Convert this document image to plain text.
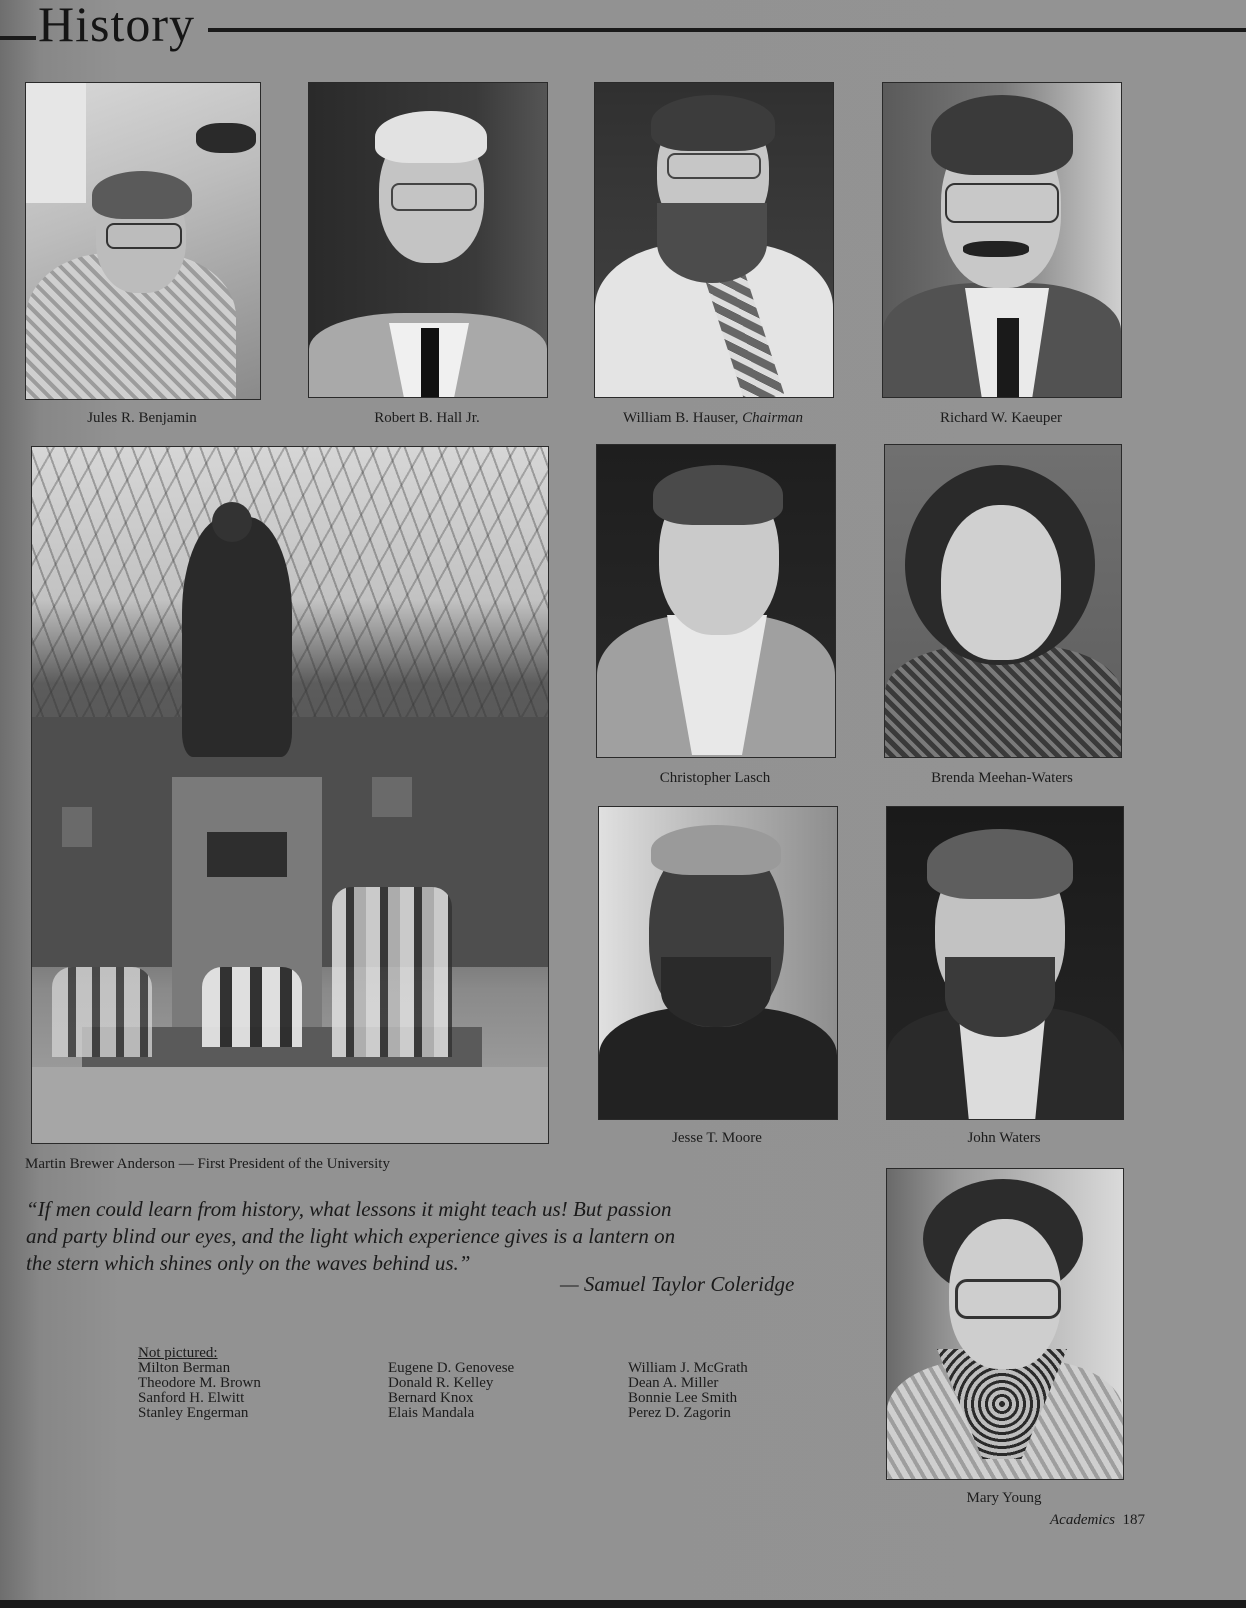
History
Jules R. Benjamin	Robert B. Hall Jr.	William B. Hauser, Chairman	Richard W. Kaeuper
Martin Brewer Anderson — First President of the University
Christopher Lasch	Brenda Meehan-Waters
Jesse T. Moore	John Waters
“If men could learn from history, what lessons it might teach us! But passion
and party blind our eyes, and the light which experience gives is a lantern on
the stern which shines only on the waves behind us.”
— Samuel Taylor Coleridge
Not pictured:
Milton Berman
Theodore M. Brown
Sanford H. Elwitt
Stanley Engerman
Eugene D. Genovese
Donald R. Kelley
Bernard Knox
Elais Mandala
William J. McGrath
Dean A. Miller
Bonnie Lee Smith
Perez D. Zagorin
Mary Young
Academics 187
